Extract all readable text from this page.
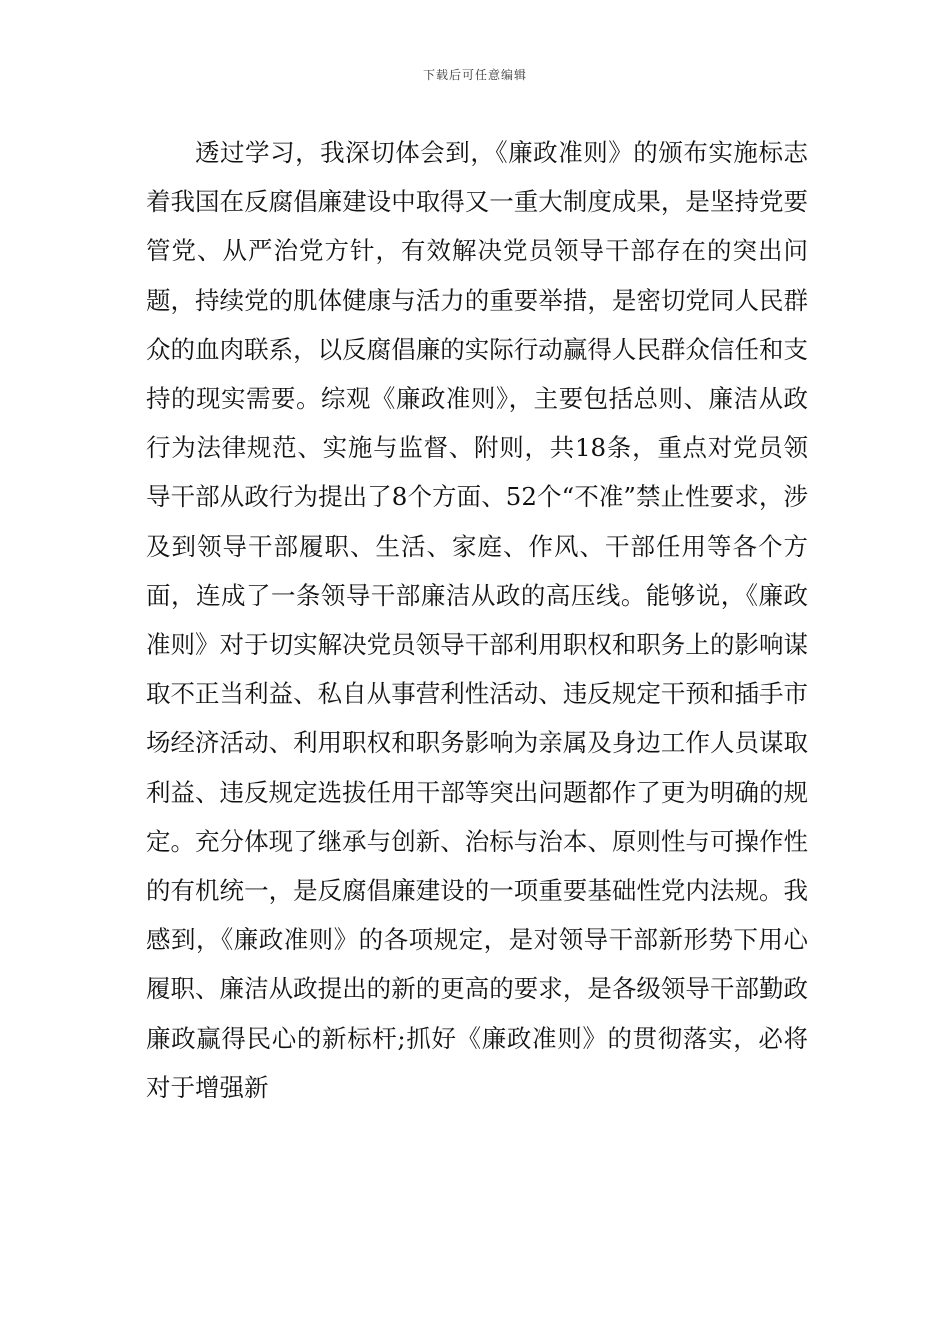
下载后可任意编辑

透过学习，我深切体会到，《廉政准则》的颁布实施标志着我国在反腐倡廉建设中取得又一重大制度成果，是坚持党要管党、从严治党方针，有效解决党员领导干部存在的突出问题，持续党的肌体健康与活力的重要举措，是密切党同人民群众的血肉联系，以反腐倡廉的实际行动赢得人民群众信任和支持的现实需要。综观《廉政准则》，主要包括总则、廉洁从政行为法律规范、实施与监督、附则，共18条，重点对党员领导干部从政行为提出了8个方面、52个“不准”禁止性要求，涉及到领导干部履职、生活、家庭、作风、干部任用等各个方面，连成了一条领导干部廉洁从政的高压线。能够说，《廉政准则》对于切实解决党员领导干部利用职权和职务上的影响谋取不正当利益、私自从事营利性活动、违反规定干预和插手市场经济活动、利用职权和职务影响为亲属及身边工作人员谋取利益、违反规定选拔任用干部等突出问题都作了更为明确的规定。充分体现了继承与创新、治标与治本、原则性与可操作性的有机统一，是反腐倡廉建设的一项重要基础性党内法规。我感到，《廉政准则》的各项规定，是对领导干部新形势下用心履职、廉洁从政提出的新的更高的要求，是各级领导干部勤政廉政赢得民心的新标杆;抓好《廉政准则》的贯彻落实，必将对于增强新
